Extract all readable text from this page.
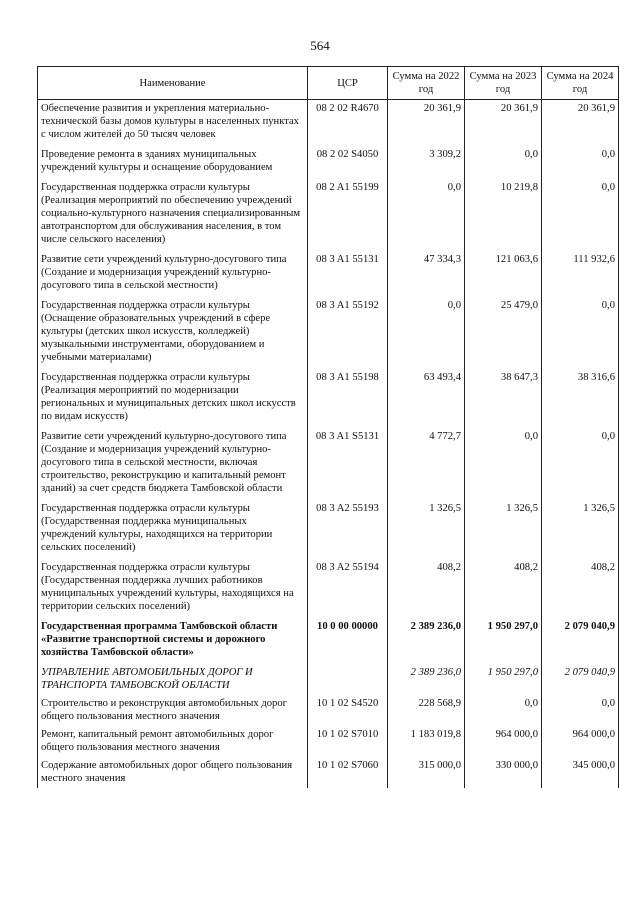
564
Наименование	ЦСР	Сумма на 2022 год	Сумма на 2023 год	Сумма на 2024 год
Обеспечение развития и укрепления материально-технической базы домов культуры в населенных пунктах с числом жителей до 50 тысяч человек	08 2 02 R4670	20 361,9	20 361,9	20 361,9
Проведение ремонта в зданиях муниципальных учреждений культуры и оснащение оборудованием	08 2 02 S4050	3 309,2	0,0	0,0
Государственная поддержка отрасли культуры (Реализация мероприятий по обеспечению учреждений социально-культурного назначения специализированным автотранспортом для обслуживания населения, в том числе сельского населения)	08 2 A1 55199	0,0	10 219,8	0,0
Развитие сети учреждений культурно-досугового типа (Создание и модернизация учреждений культурно-досугового типа в сельской местности)	08 3 A1 55131	47 334,3	121 063,6	111 932,6
Государственная поддержка отрасли культуры (Оснащение образовательных учреждений в сфере культуры (детских школ искусств, колледжей) музыкальными инструментами, оборудованием и учебными материалами)	08 3 A1 55192	0,0	25 479,0	0,0
Государственная поддержка отрасли культуры (Реализация мероприятий по модернизации региональных и муниципальных детских школ искусств по видам искусств)	08 3 A1 55198	63 493,4	38 647,3	38 316,6
Развитие сети учреждений культурно-досугового типа (Создание и модернизация учреждений культурно-досугового типа в сельской местности, включая строительство, реконструкцию и капитальный ремонт зданий) за счет средств бюджета Тамбовской области	08 3 A1 S5131	4 772,7	0,0	0,0
Государственная поддержка отрасли культуры (Государственная поддержка муниципальных учреждений культуры, находящихся на территории сельских поселений)	08 3 A2 55193	1 326,5	1 326,5	1 326,5
Государственная поддержка отрасли культуры (Государственная поддержка лучших работников муниципальных учреждений культуры, находящихся на территории сельских поселений)	08 3 A2 55194	408,2	408,2	408,2
Государственная программа Тамбовской области «Развитие транспортной системы и дорожного хозяйства Тамбовской области»	10 0 00 00000	2 389 236,0	1 950 297,0	2 079 040,9
УПРАВЛЕНИЕ АВТОМОБИЛЬНЫХ ДОРОГ И ТРАНСПОРТА ТАМБОВСКОЙ ОБЛАСТИ		2 389 236,0	1 950 297,0	2 079 040,9
Строительство и реконструкция автомобильных дорог общего пользования местного значения	10 1 02 S4520	228 568,9	0,0	0,0
Ремонт, капитальный ремонт автомобильных дорог общего пользования местного значения	10 1 02 S7010	1 183 019,8	964 000,0	964 000,0
Содержание автомобильных дорог общего пользования местного значения	10 1 02 S7060	315 000,0	330 000,0	345 000,0
